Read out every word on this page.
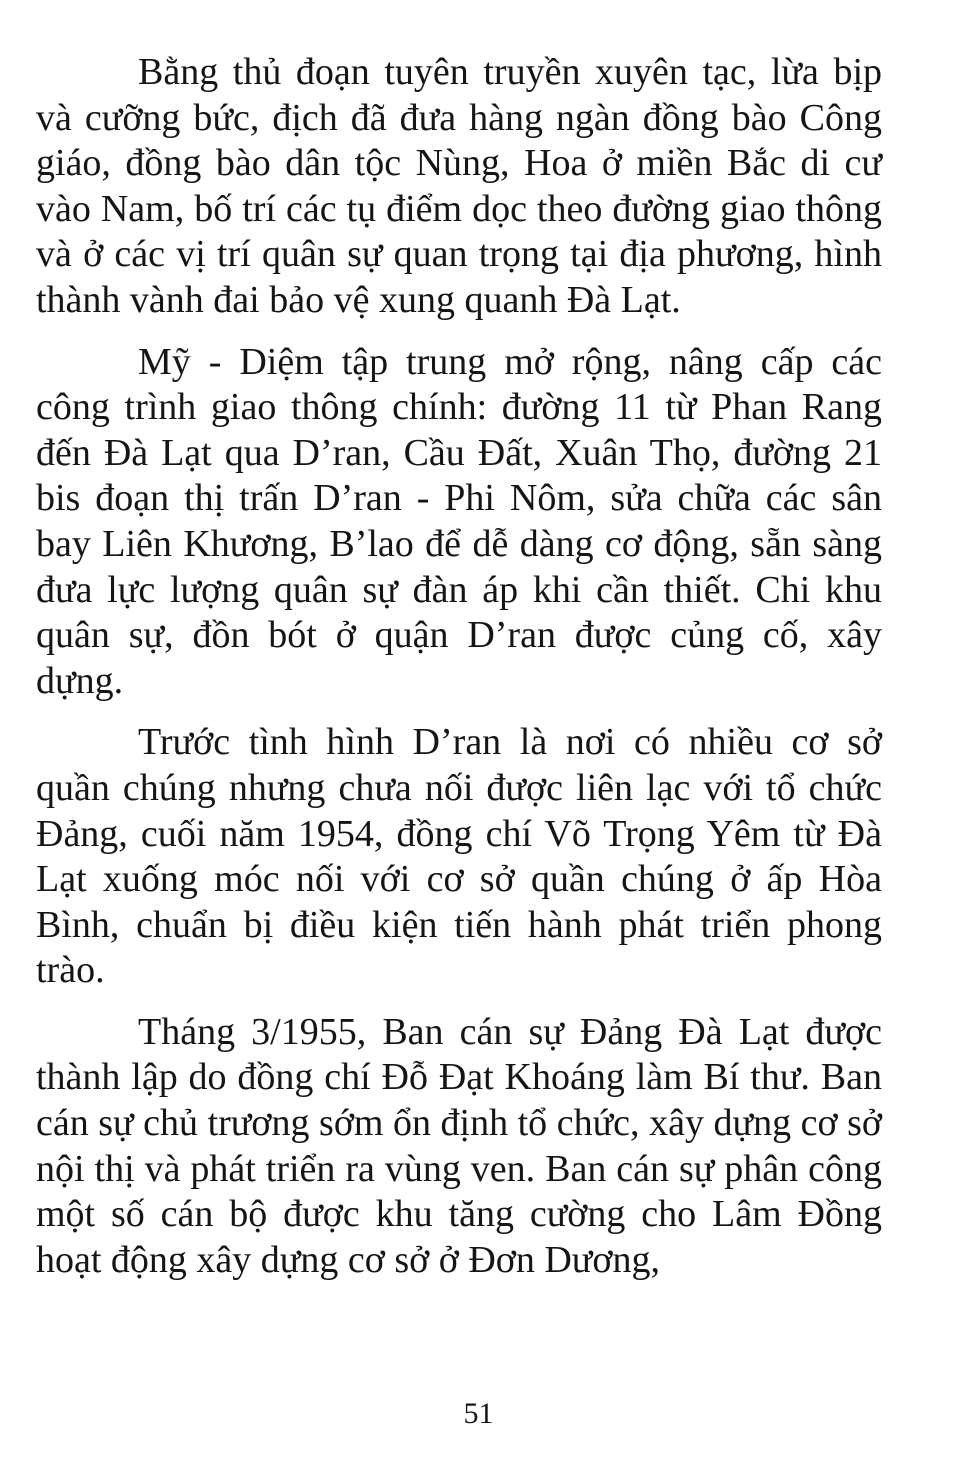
Bằng thủ đoạn tuyên truyền xuyên tạc, lừa bịp và cưỡng bức, địch đã đưa hàng ngàn đồng bào Công giáo, đồng bào dân tộc Nùng, Hoa ở miền Bắc di cư vào Nam, bố trí các tụ điểm dọc theo đường giao thông và ở các vị trí quân sự quan trọng tại địa phương, hình thành vành đai bảo vệ xung quanh Đà Lạt.

Mỹ - Diệm tập trung mở rộng, nâng cấp các công trình giao thông chính: đường 11 từ Phan Rang đến Đà Lạt qua D’ran, Cầu Đất, Xuân Thọ, đường 21 bis đoạn thị trấn D’ran - Phi Nôm, sửa chữa các sân bay Liên Khương, B’lao để dễ dàng cơ động, sẵn sàng đưa lực lượng quân sự đàn áp khi cần thiết. Chi khu quân sự, đồn bót ở quận D’ran được củng cố, xây dựng.

Trước tình hình D’ran là nơi có nhiều cơ sở quần chúng nhưng chưa nối được liên lạc với tổ chức Đảng, cuối năm 1954, đồng chí Võ Trọng Yêm từ Đà Lạt xuống móc nối với cơ sở quần chúng ở ấp Hòa Bình, chuẩn bị điều kiện tiến hành phát triển phong trào.

Tháng 3/1955, Ban cán sự Đảng Đà Lạt được thành lập do đồng chí Đỗ Đạt Khoáng làm Bí thư. Ban cán sự chủ trương sớm ổn định tổ chức, xây dựng cơ sở nội thị và phát triển ra vùng ven. Ban cán sự phân công một số cán bộ được khu tăng cường cho Lâm Đồng hoạt động xây dựng cơ sở ở Đơn Dương,

51
